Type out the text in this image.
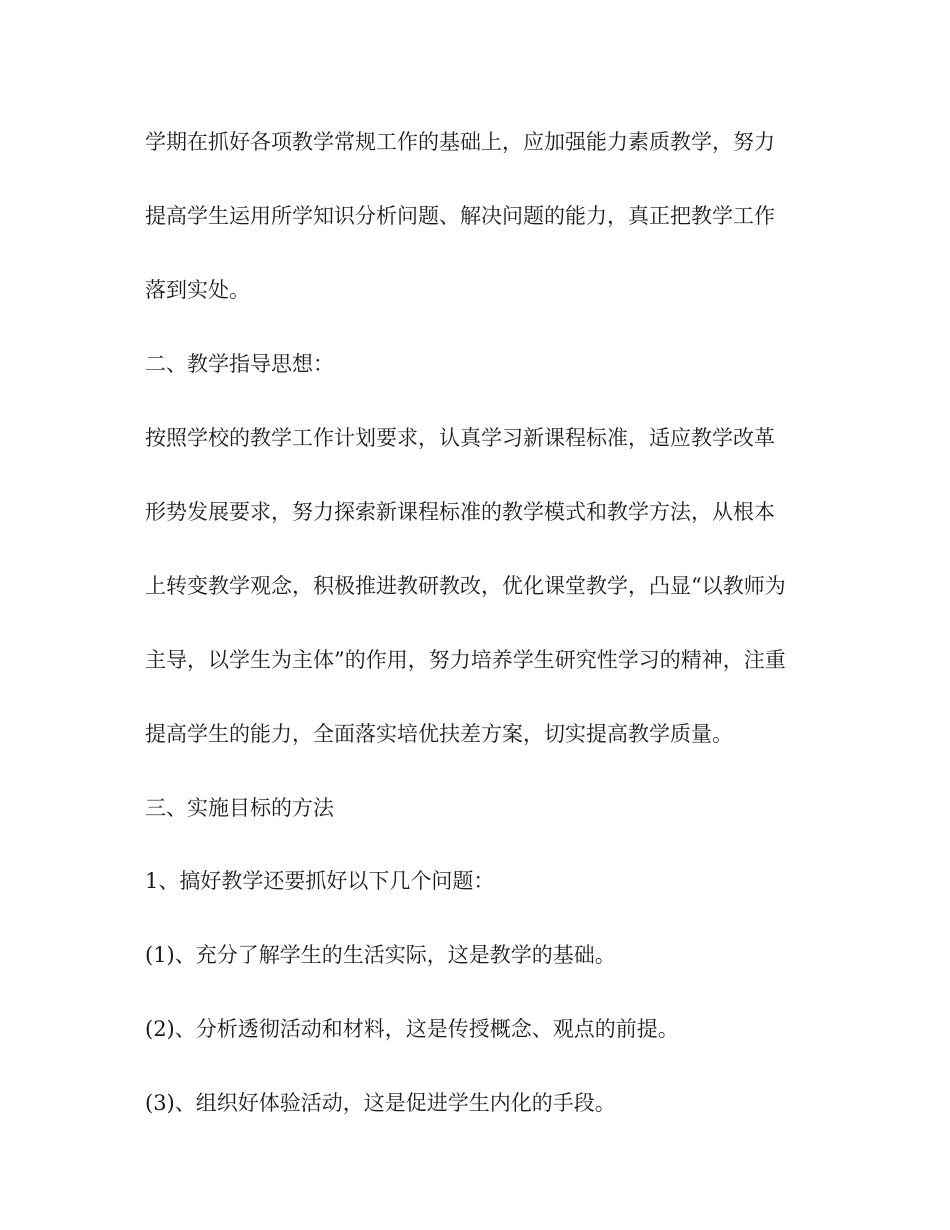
学期在抓好各项教学常规工作的基础上，应加强能力素质教学，努力
提高学生运用所学知识分析问题、解决问题的能力，真正把教学工作
落到实处。
二、教学指导思想：
按照学校的教学工作计划要求，认真学习新课程标准，适应教学改革
形势发展要求，努力探索新课程标准的教学模式和教学方法，从根本
上转变教学观念，积极推进教研教改，优化课堂教学，凸显“以教师为
主导，以学生为主体”的作用，努力培养学生研究性学习的精神，注重
提高学生的能力，全面落实培优扶差方案，切实提高教学质量。
三、实施目标的方法
1、搞好教学还要抓好以下几个问题：
(1)、充分了解学生的生活实际，这是教学的基础。
(2)、分析透彻活动和材料，这是传授概念、观点的前提。
(3)、组织好体验活动，这是促进学生内化的手段。
